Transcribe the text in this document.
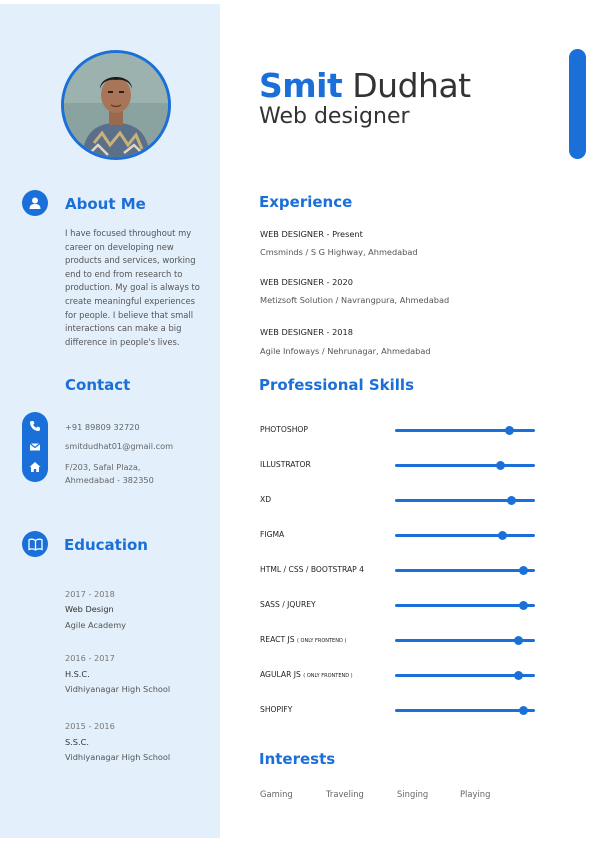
About Me
I have focused throughout my
career on developing new
products and services, working
end to end from research to
production. My goal is always to
create meaningful experiences
for people. I believe that small
interactions can make a big
difference in people's lives.
Contact
+91 89809 32720
smitdudhat01@gmail.com
F/203, Safal Plaza,
Ahmedabad - 382350
Education
2017 - 2018
Web Design
Agile Academy
2016 - 2017
H.S.C.
Vidhiyanagar High School
2015 - 2016
S.S.C.
Vidhiyanagar High School
Smit Dudhat
Web designer
Experience
WEB DESIGNER - Present
Cmsminds / S G Highway, Ahmedabad
WEB DESIGNER - 2020
Metizsoft Solution / Navrangpura, Ahmedabad
WEB DESIGNER - 2018
Agile Infoways / Nehrunagar, Ahmedabad
Professional Skills
PHOTOSHOP
ILLUSTRATOR
XD
FIGMA
HTML / CSS / BOOTSTRAP 4
SASS / JQUREY
REACT JS ( ONLY FRONTEND )
AGULAR JS ( ONLY FRONTEND )
SHOPIFY
Interests
Gaming	Traveling	Singing	Playing
